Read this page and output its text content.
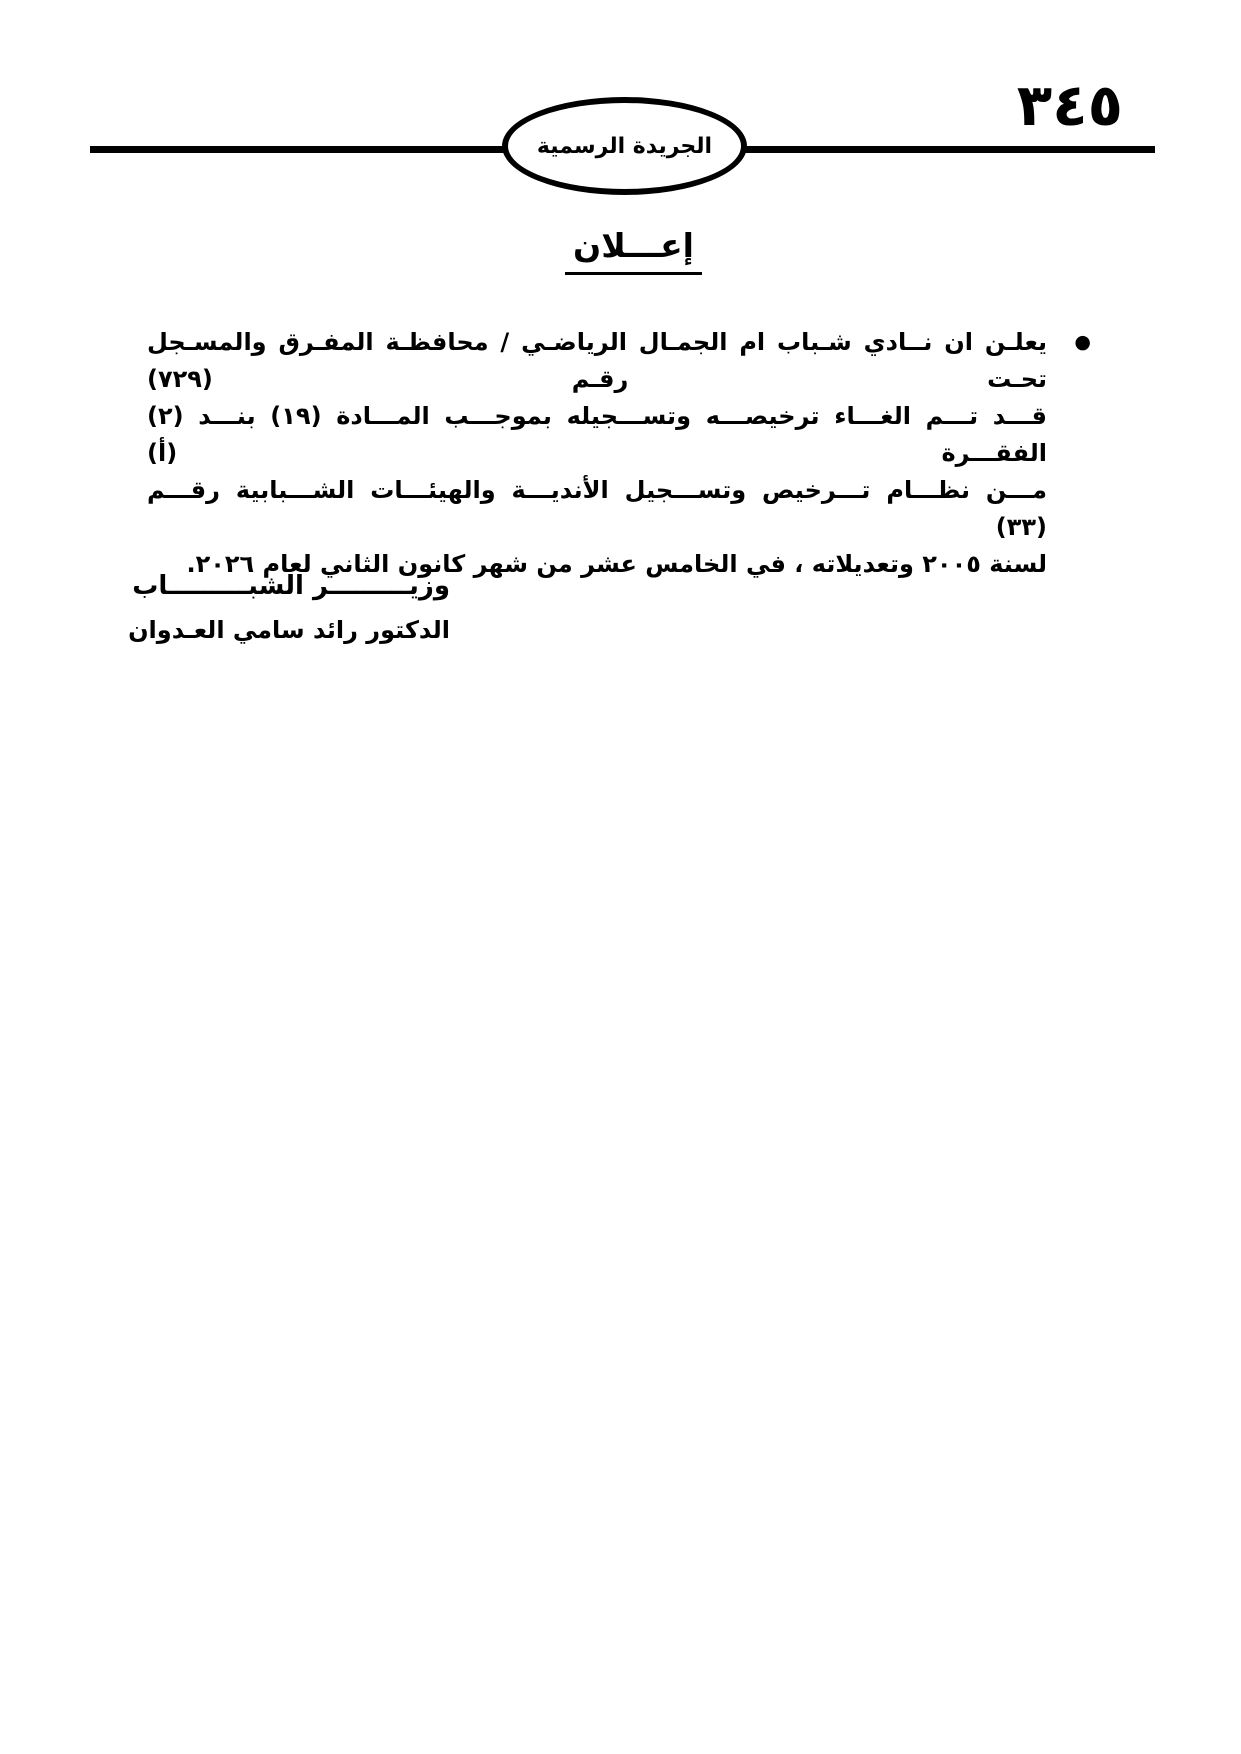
٣٤٥
الجريدة الرسمية
إعـــلان
●
يعلـن ان نــادي شـباب ام الجمـال الرياضـي / محافظـة المفـرق والمسـجل تحـت رقـم (٧٢٩)
قـــد تـــم الغـــاء ترخيصـــه وتســـجيله بموجـــب المـــادة (١٩) بنـــد (٢) الفقـــرة (أ)
مـــن نظـــام تـــرخيص وتســـجيل الأنديـــة والهيئـــات الشـــبابية رقـــم (٣٣)
لسنة ٢٠٠٥ وتعديلاته ، في الخامس عشر من شهر كانون الثاني لعام ٢٠٢٦.
وزيـــــــــر الشبـــــــــاب
الدكتور رائد سامي العـدوان
